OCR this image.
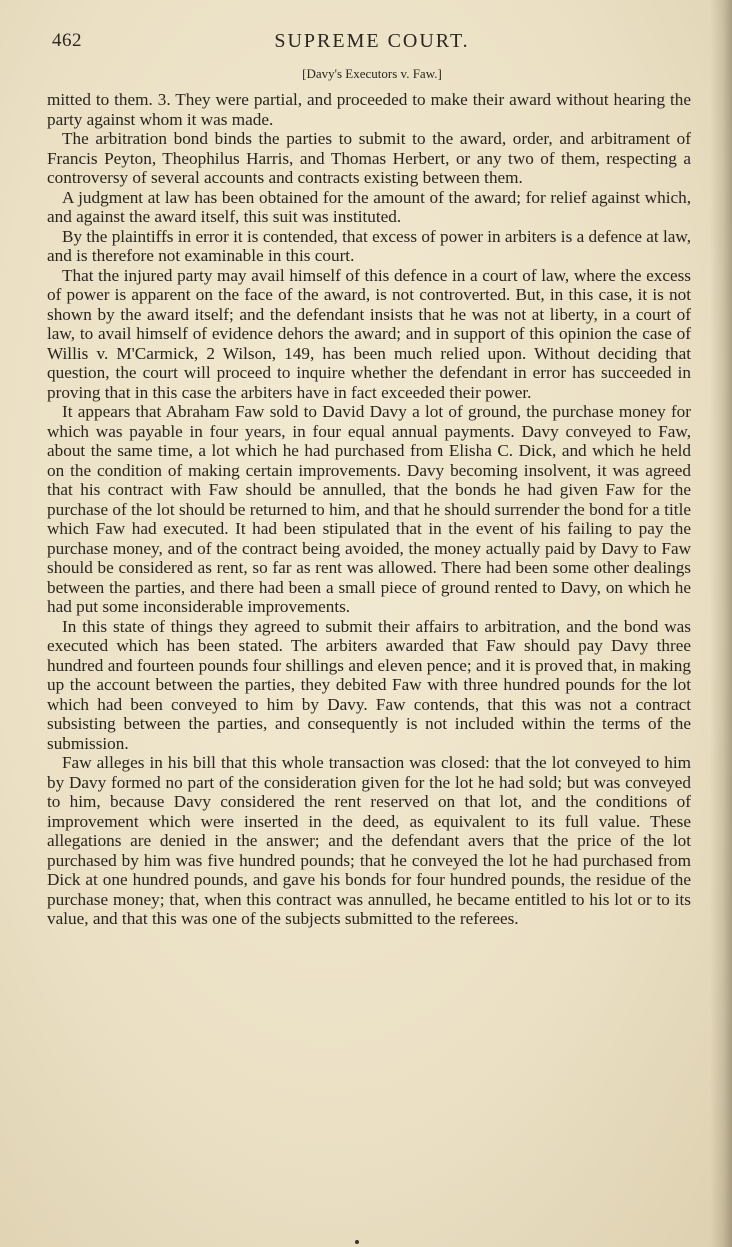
462	SUPREME COURT.
[Davy's Executors v. Faw.]

mitted to them. 3. They were partial, and proceeded to make their award without hearing the party against whom it was made.

The arbitration bond binds the parties to submit to the award, order, and arbitrament of Francis Peyton, Theophilus Harris, and Thomas Herbert, or any two of them, respecting a controversy of several accounts and contracts existing between them.

A judgment at law has been obtained for the amount of the award; for relief against which, and against the award itself, this suit was instituted.

By the plaintiffs in error it is contended, that excess of power in arbiters is a defence at law, and is therefore not examinable in this court.

That the injured party may avail himself of this defence in a court of law, where the excess of power is apparent on the face of the award, is not controverted. But, in this case, it is not shown by the award itself; and the defendant insists that he was not at liberty, in a court of law, to avail himself of evidence dehors the award; and in support of this opinion the case of Willis v. M'Carmick, 2 Wilson, 149, has been much relied upon. Without deciding that question, the court will proceed to inquire whether the defendant in error has succeeded in proving that in this case the arbiters have in fact exceeded their power.

It appears that Abraham Faw sold to David Davy a lot of ground, the purchase money for which was payable in four years, in four equal annual payments. Davy conveyed to Faw, about the same time, a lot which he had purchased from Elisha C. Dick, and which he held on the condition of making certain improvements. Davy becoming insolvent, it was agreed that his contract with Faw should be annulled, that the bonds he had given Faw for the purchase of the lot should be returned to him, and that he should surrender the bond for a title which Faw had executed. It had been stipulated that in the event of his failing to pay the purchase money, and of the contract being avoided, the money actually paid by Davy to Faw should be considered as rent, so far as rent was allowed. There had been some other dealings between the parties, and there had been a small piece of ground rented to Davy, on which he had put some inconsiderable improvements.

In this state of things they agreed to submit their affairs to arbitration, and the bond was executed which has been stated. The arbiters awarded that Faw should pay Davy three hundred and fourteen pounds four shillings and eleven pence; and it is proved that, in making up the account between the parties, they debited Faw with three hundred pounds for the lot which had been conveyed to him by Davy. Faw contends, that this was not a contract subsisting between the parties, and consequently is not included within the terms of the submission.

Faw alleges in his bill that this whole transaction was closed: that the lot conveyed to him by Davy formed no part of the consideration given for the lot he had sold; but was conveyed to him, because Davy considered the rent reserved on that lot, and the conditions of improvement which were inserted in the deed, as equivalent to its full value. These allegations are denied in the answer; and the defendant avers that the price of the lot purchased by him was five hundred pounds; that he conveyed the lot he had purchased from Dick at one hundred pounds, and gave his bonds for four hundred pounds, the residue of the purchase money; that, when this contract was annulled, he became entitled to his lot or to its value, and that this was one of the subjects submitted to the referees.
